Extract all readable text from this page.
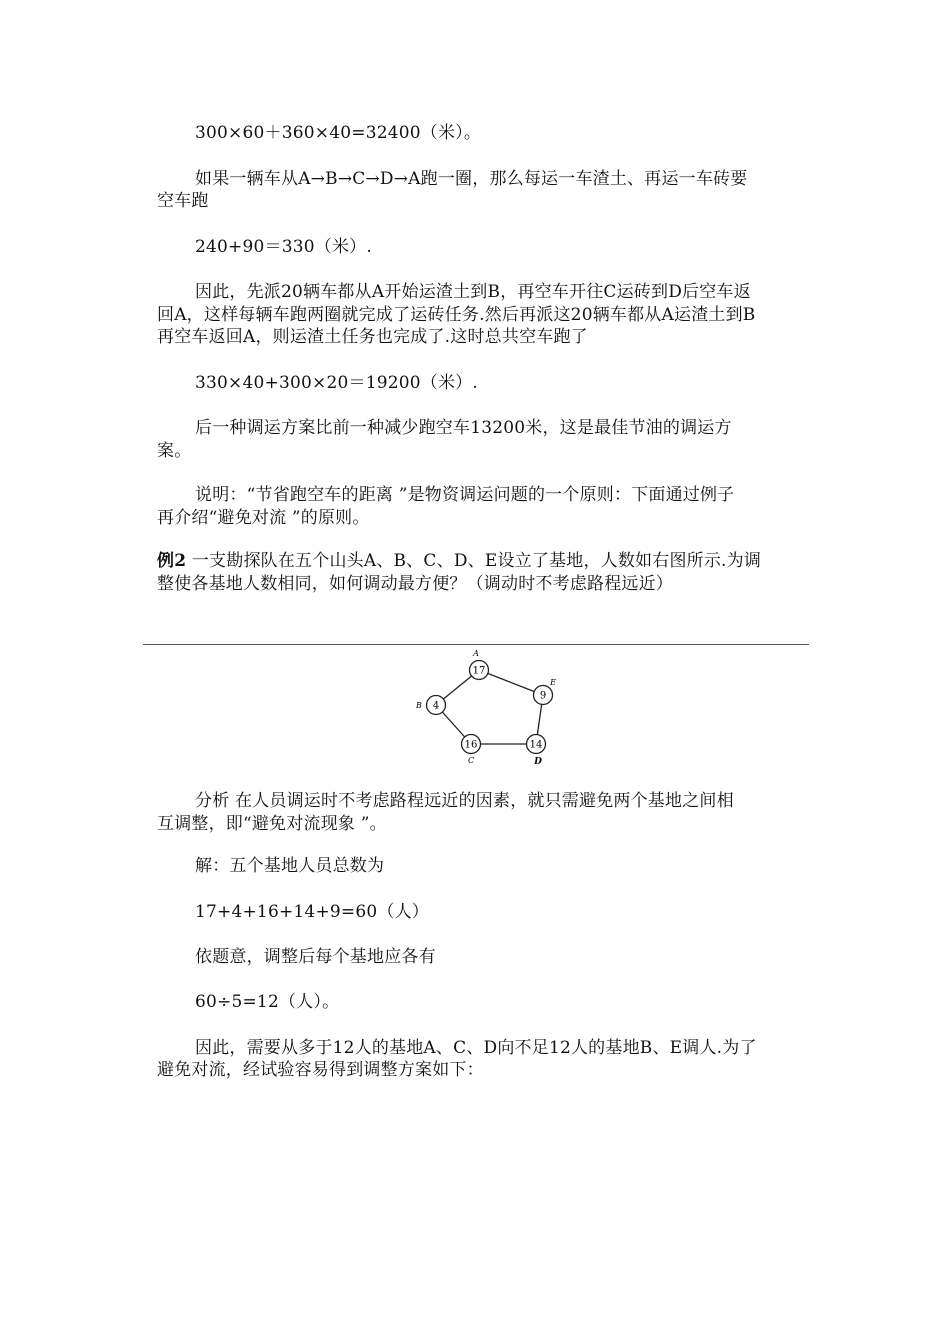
300×60＋360×40=32400（米）。
如果一辆车从A→B→C→D→A跑一圈，那么每运一车渣土、再运一车砖要
空车跑
240+90＝330（米）.
因此，先派20辆车都从A开始运渣土到B，再空车开往C运砖到D后空车返
回A，这样每辆车跑两圈就完成了运砖任务.然后再派这20辆车都从A运渣土到B
再空车返回A，则运渣土任务也完成了.这时总共空车跑了
330×40+300×20＝19200（米）.
后一种调运方案比前一种减少跑空车13200米，这是最佳节油的调运方
案。
说明：“节省跑空车的距离 ”是物资调运问题的一个原则：下面通过例子
再介绍“避免对流 ”的原则。
例2 一支勘探队在五个山头A、B、C、D、E设立了基地，人数如右图所示.为调
整使各基地人数相同，如何调动最方便？（调动时不考虑路程远近）
17
A
9
E
14
D
16
C
4
B
分析 在人员调运时不考虑路程远近的因素，就只需避免两个基地之间相
互调整，即“避免对流现象 ”。
解：五个基地人员总数为
17+4+16+14+9=60（人）
依题意，调整后每个基地应各有
60÷5=12（人）。
因此，需要从多于12人的基地A、C、D向不足12人的基地B、E调人.为了
避免对流，经试验容易得到调整方案如下：
